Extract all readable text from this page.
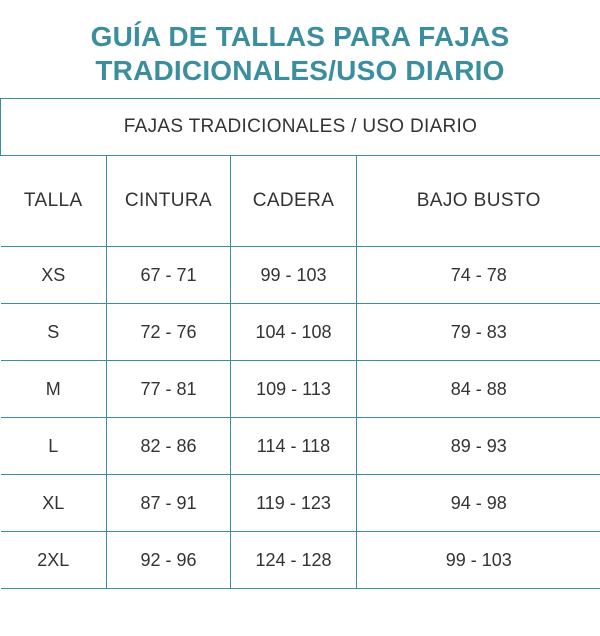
GUÍA DE TALLAS PARA FAJAS
TRADICIONALES/USO DIARIO
FAJAS TRADICIONALES / USO DIARIO			
TALLA	CINTURA	CADERA	BAJO BUSTO
XS	67 - 71	99 - 103	74 - 78
S	72 - 76	104 - 108	79 - 83
M	77 - 81	109 - 113	84 - 88
L	82 - 86	114 - 118	89 - 93
XL	87 - 91	119 - 123	94 - 98
2XL	92 - 96	124 - 128	99 - 103
